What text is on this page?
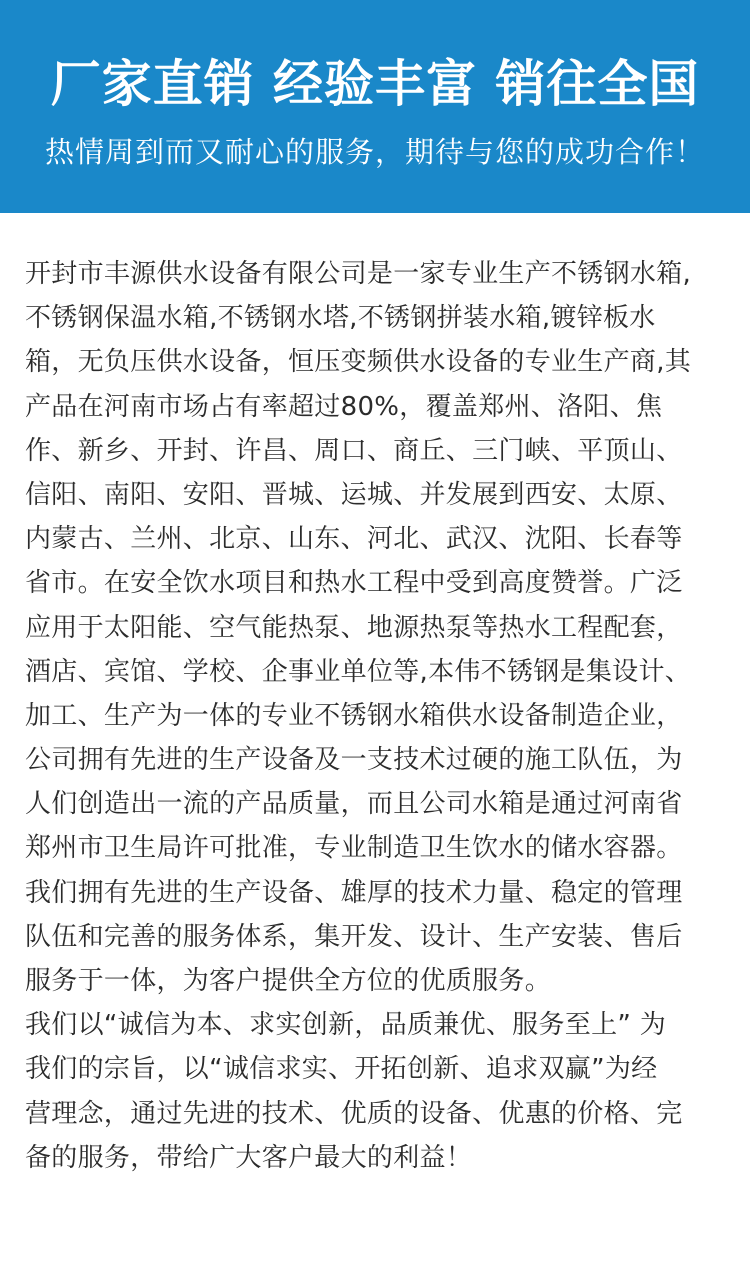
厂家直销 经验丰富 销往全国
热情周到而又耐心的服务，期待与您的成功合作！
开封市丰源供水设备有限公司是一家专业生产不锈钢水箱,
不锈钢保温水箱,不锈钢水塔,不锈钢拼装水箱,镀锌板水
箱，无负压供水设备，恒压变频供水设备的专业生产商,其
产品在河南市场占有率超过80%，覆盖郑州、洛阳、焦
作、新乡、开封、许昌、周口、商丘、三门峡、平顶山、
信阳、南阳、安阳、晋城、运城、并发展到西安、太原、
内蒙古、兰州、北京、山东、河北、武汉、沈阳、长春等
省市。在安全饮水项目和热水工程中受到高度赞誉。广泛
应用于太阳能、空气能热泵、地源热泵等热水工程配套，
酒店、宾馆、学校、企事业单位等,本伟不锈钢是集设计、
加工、生产为一体的专业不锈钢水箱供水设备制造企业，
公司拥有先进的生产设备及一支技术过硬的施工队伍，为
人们创造出一流的产品质量，而且公司水箱是通过河南省
郑州市卫生局许可批准，专业制造卫生饮水的储水容器。
我们拥有先进的生产设备、雄厚的技术力量、稳定的管理
队伍和完善的服务体系，集开发、设计、生产安装、售后
服务于一体，为客户提供全方位的优质服务。
我们以“诚信为本、求实创新，品质兼优、服务至上” 为
我们的宗旨，以“诚信求实、开拓创新、追求双赢”为经
营理念，通过先进的技术、优质的设备、优惠的价格、完
备的服务，带给广大客户最大的利益！
